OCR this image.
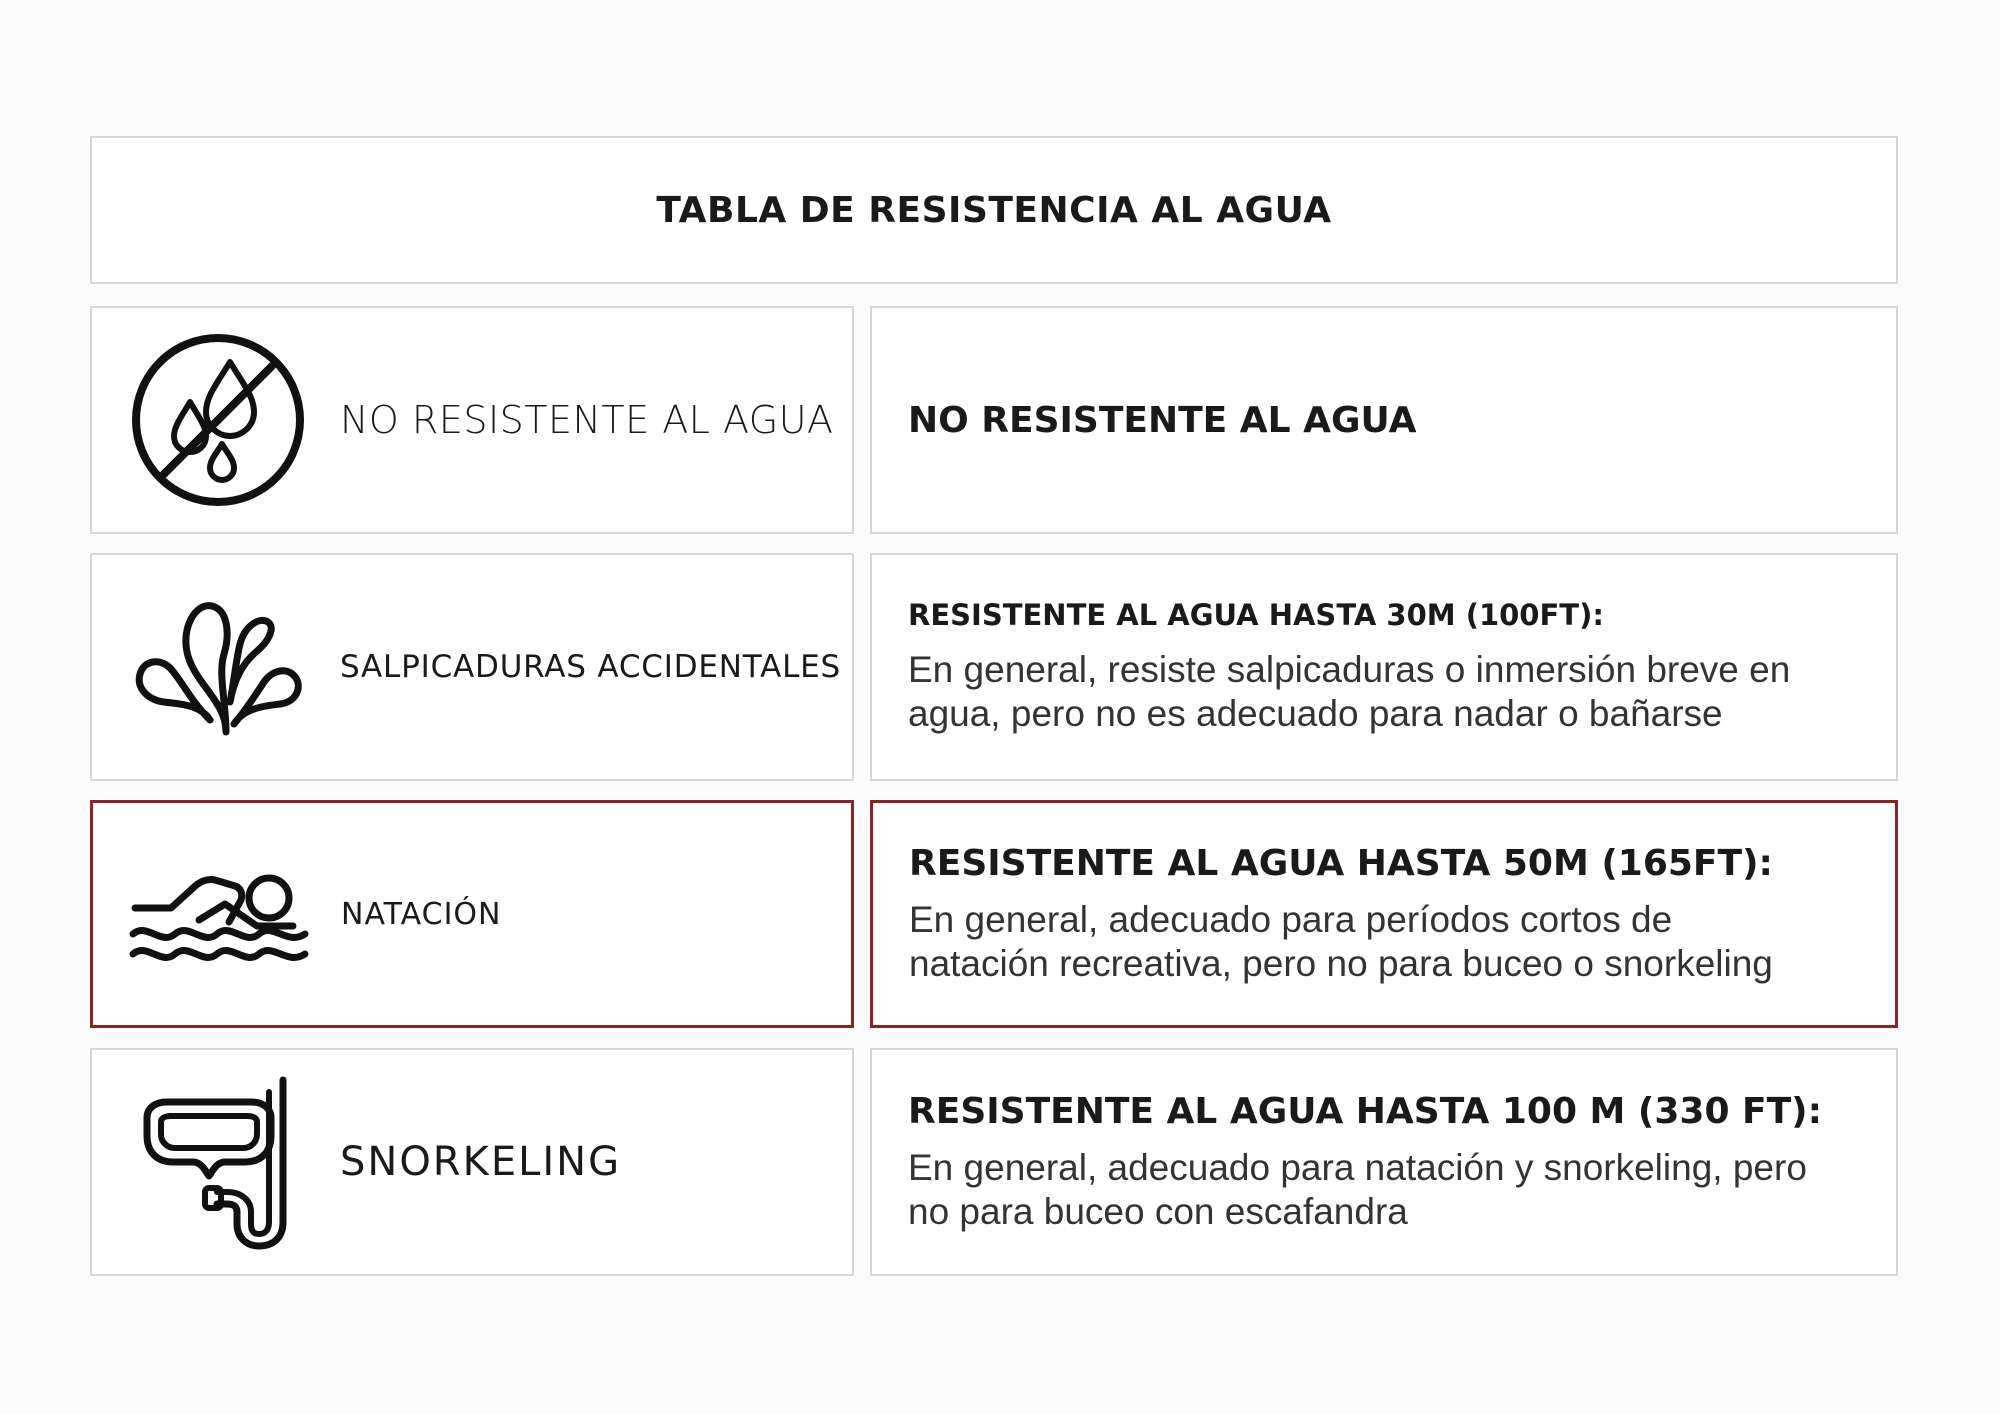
TABLA DE RESISTENCIA AL AGUA
NO RESISTENTE AL AGUA NO RESISTENTE AL AGUA
SALPICADURAS ACCIDENTALES
RESISTENTE AL AGUA HASTA 30M (100FT):
En general, resiste salpicaduras o inmersión breve en
agua, pero no es adecuado para nadar o bañarse
NATACIÓN
RESISTENTE AL AGUA HASTA 50M (165FT):
En general, adecuado para períodos cortos de
natación recreativa, pero no para buceo o snorkeling
SNORKELING
RESISTENTE AL AGUA HASTA 100 M (330 FT):
En general, adecuado para natación y snorkeling, pero
no para buceo con escafandra
